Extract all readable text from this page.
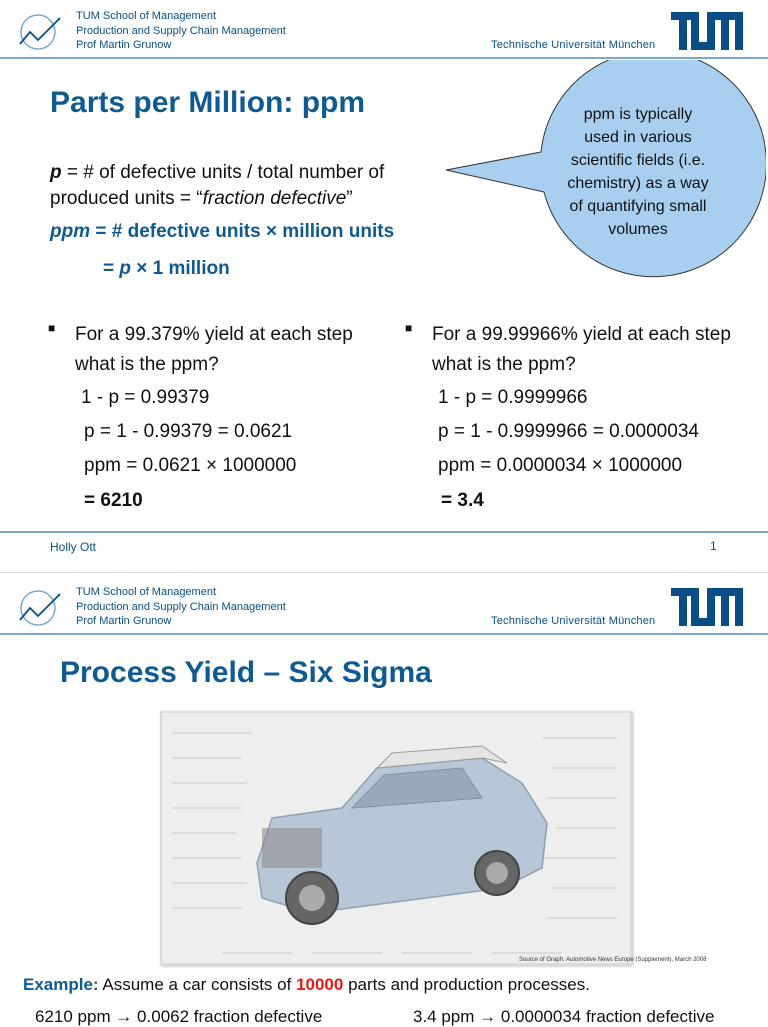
TUM School of Management
Production and Supply Chain Management
Prof Martin Grunow	Technische Universität München
Parts per Million: ppm
p = # of defective units / total number of
produced units = “fraction defective”
ppm = # defective units × million units
= p × 1 million
ppm is typically used in various scientific fields (i.e. chemistry) as a way of quantifying small volumes
■ For a 99.379% yield at each step what is the ppm?
1 - p = 0.99379
p = 1 - 0.99379 = 0.0621
ppm = 0.0621 × 1000000
= 6210
■ For a 99.99966% yield at each step what is the ppm?
1 - p = 0.9999966
p = 1 - 0.9999966 = 0.0000034
ppm = 0.0000034 × 1000000
= 3.4
Holly Ott	1
TUM School of Management
Production and Supply Chain Management
Prof Martin Grunow	Technische Universität München
Process Yield – Six Sigma
Source of Graph: Automotive News Europe (Supplement), March 2008
Example: Assume a car consists of 10000 parts and production processes.
6210 ppm → 0.0062 fraction defective	3.4 ppm → 0.0000034 fraction defective
